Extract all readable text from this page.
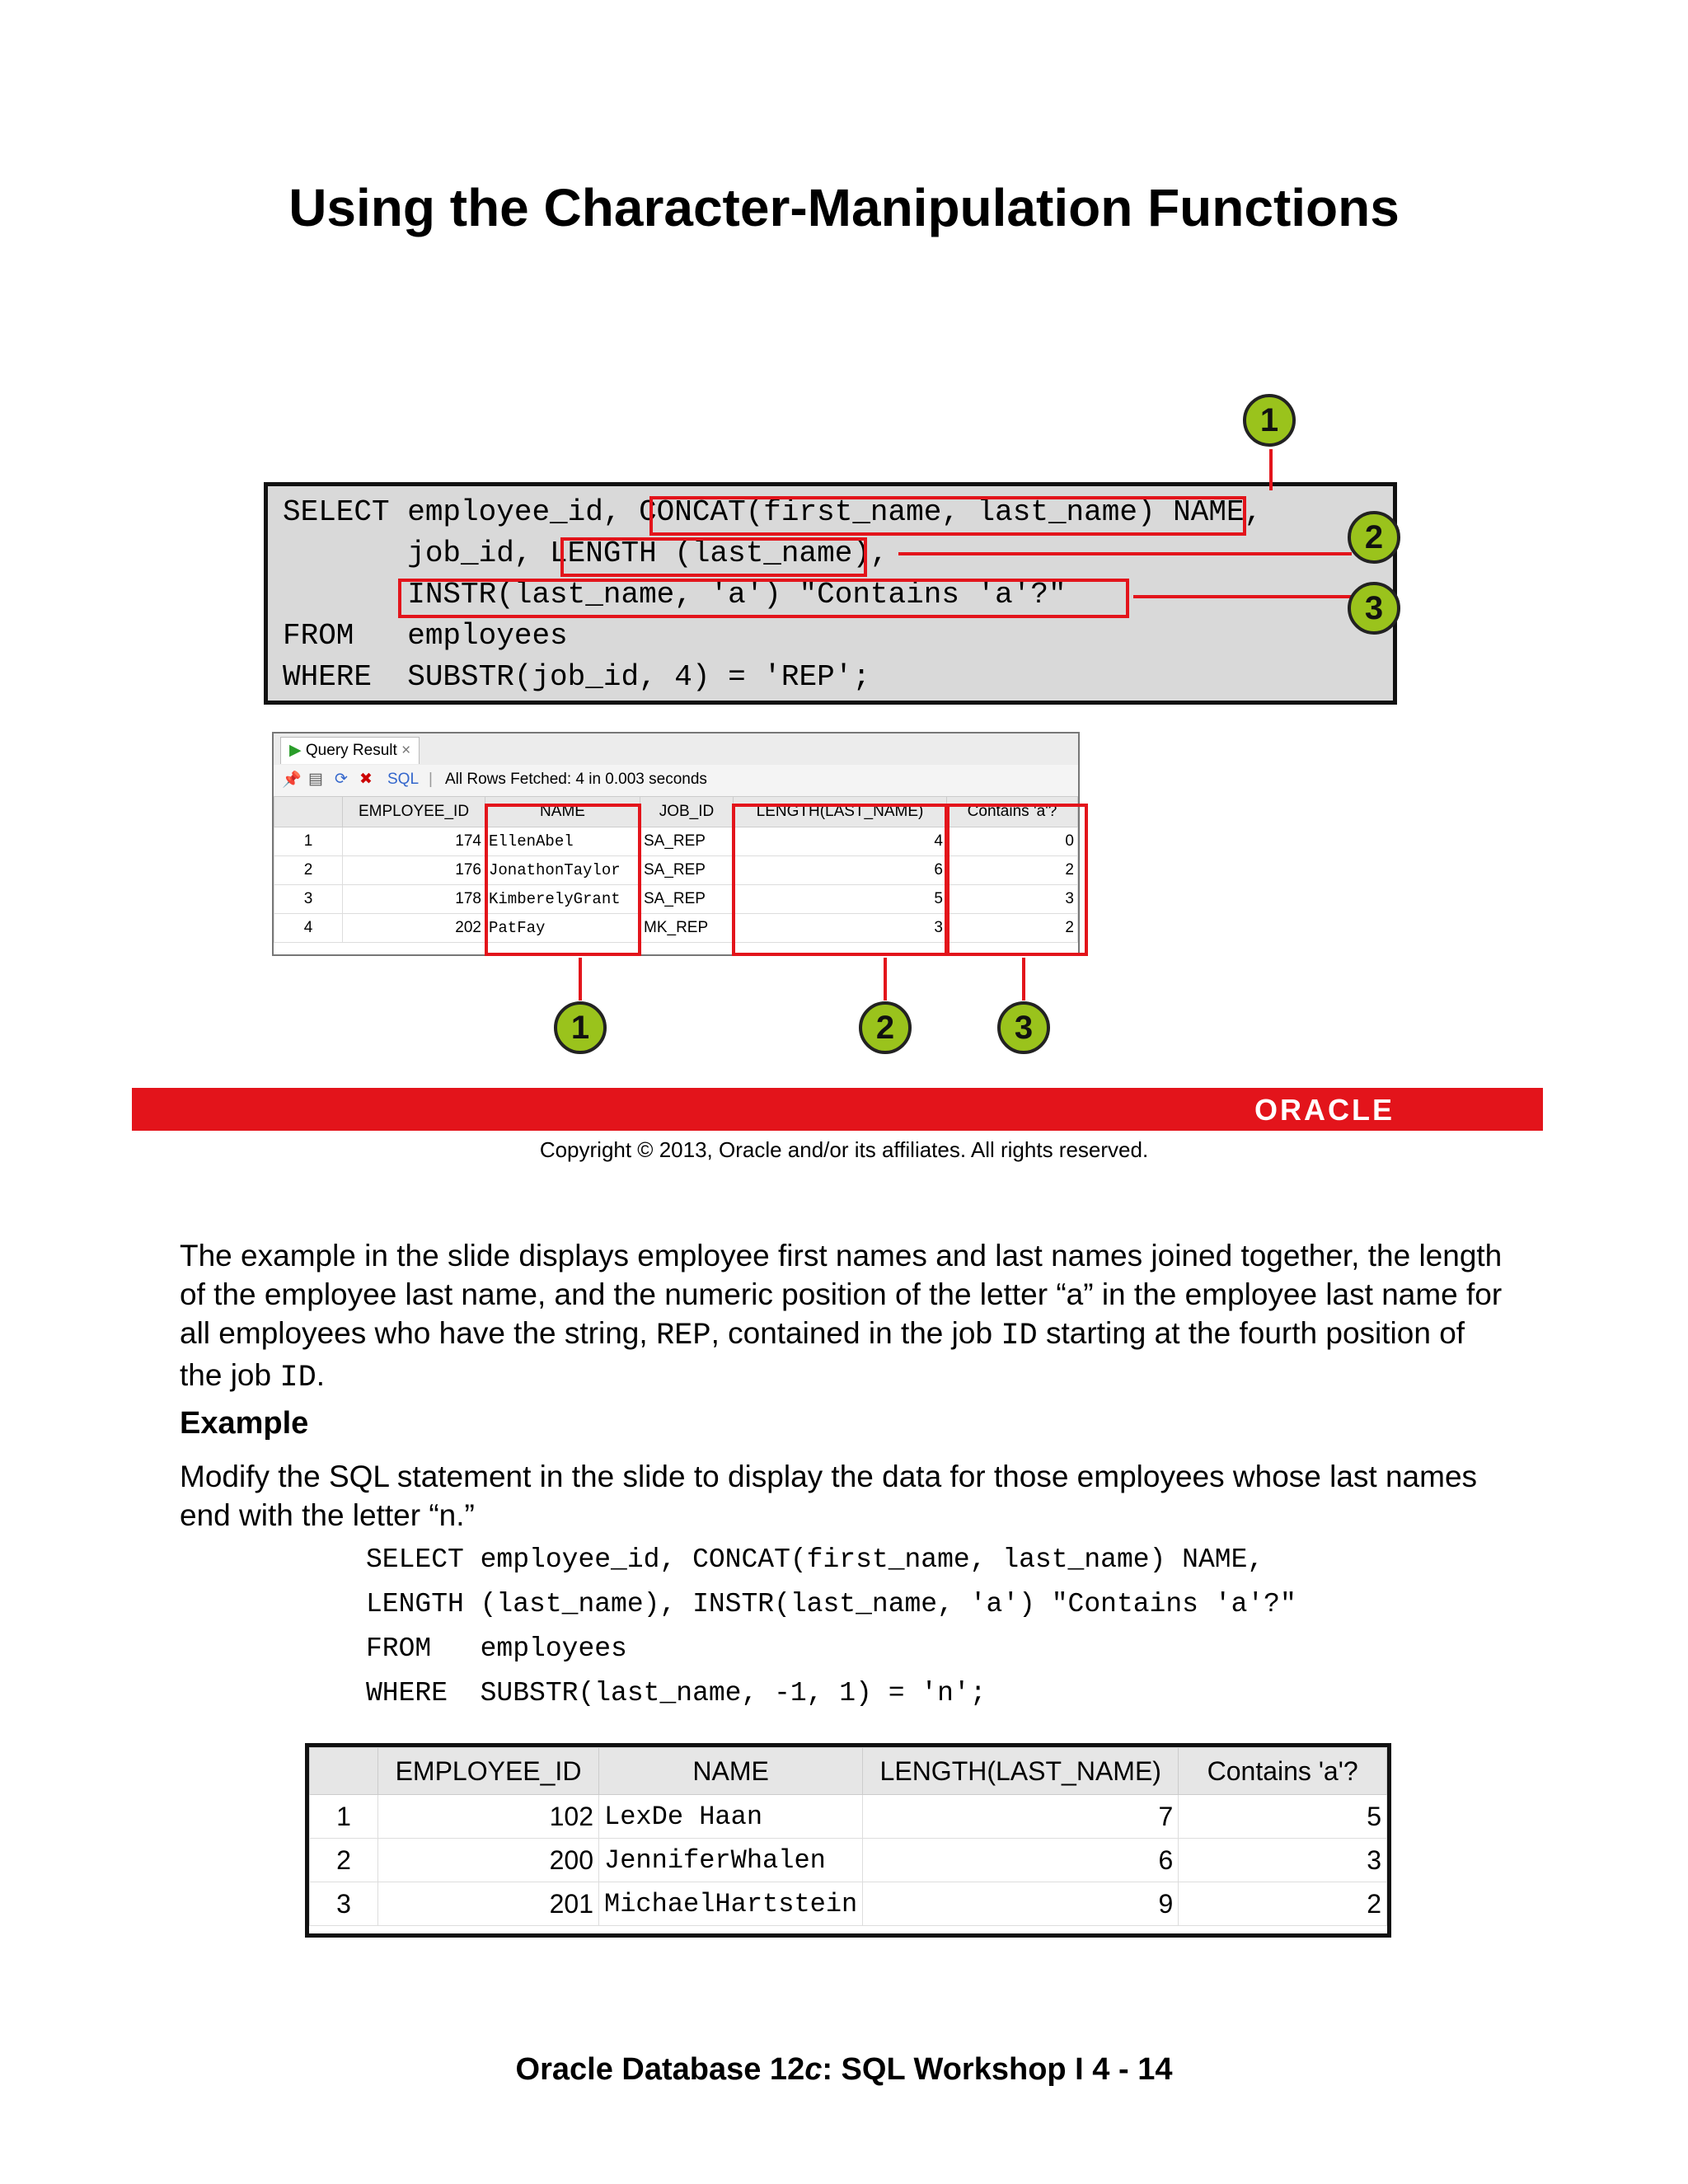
Using the Character-Manipulation Functions
SELECT employee_id, CONCAT(first_name, last_name) NAME,
job_id, LENGTH (last_name),
INSTR(last_name, 'a') "Contains 'a'?"
FROM   employees
WHERE  SUBSTR(job_id, 4) = 'REP';
1
2
3
▶ Query Result ×
📌 ▤ ⟳ ✖ SQL | All Rows Fetched: 4 in 0.003 seconds
	EMPLOYEE_ID	NAME	JOB_ID	LENGTH(LAST_NAME)	Contains 'a'?
1	174	EllenAbel	SA_REP	4	0
2	176	JonathonTaylor	SA_REP	6	2
3	178	KimberelyGrant	SA_REP	5	3
4	202	PatFay	MK_REP	3	2
1	2	3
ORACLE
Copyright © 2013, Oracle and/or its affiliates. All rights reserved.
The example in the slide displays employee first names and last names joined together, the length of the employee last name, and the numeric position of the letter “a” in the employee last name for all employees who have the string, REP, contained in the job ID starting at the fourth position of the job ID.
Example
Modify the SQL statement in the slide to display the data for those employees whose last names end with the letter “n.”
SELECT employee_id, CONCAT(first_name, last_name) NAME,
LENGTH (last_name), INSTR(last_name, 'a') "Contains 'a'?"
FROM   employees
WHERE  SUBSTR(last_name, -1, 1) = 'n';
	EMPLOYEE_ID	NAME	LENGTH(LAST_NAME)	Contains 'a'?
1	102	LexDe Haan	7	5
2	200	JenniferWhalen	6	3
3	201	MichaelHartstein	9	2
Oracle Database 12c: SQL Workshop I 4 - 14
